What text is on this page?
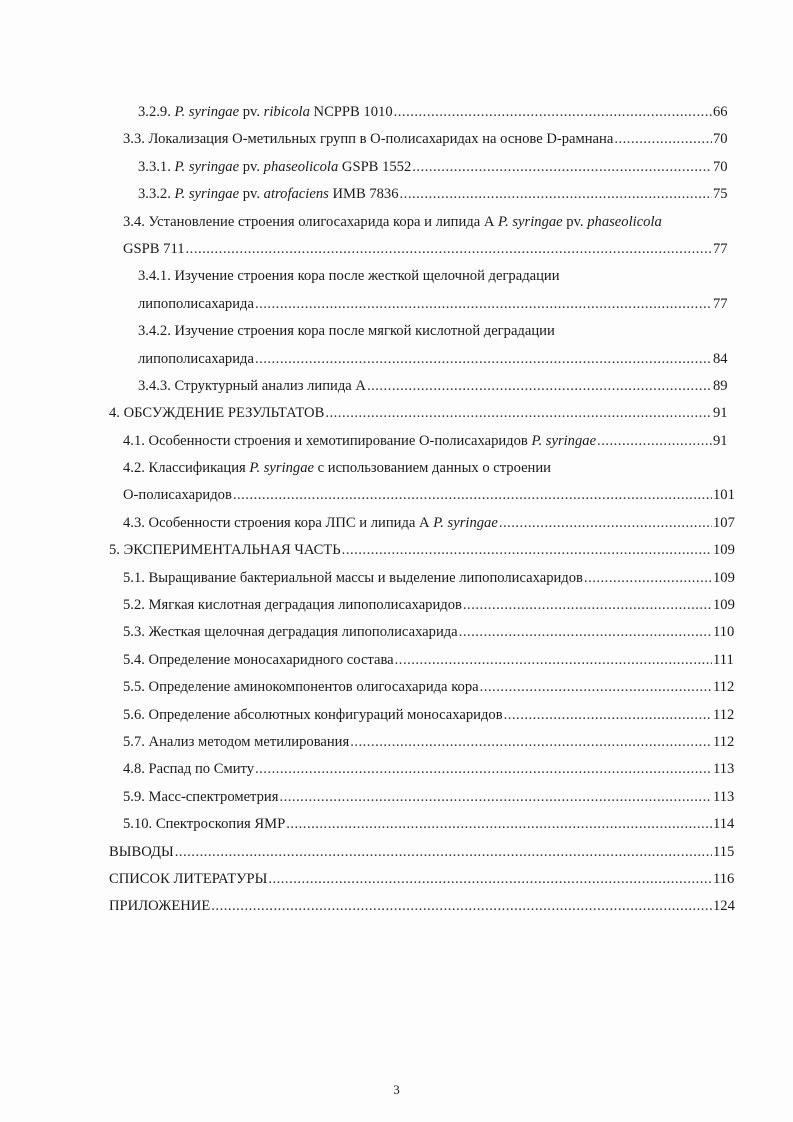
3.2.9. P. syringae pv. ribicola NCPPB 1010 .....	66
3.3. Локализация О-метильных групп в О-полисахаридах на основе D-рамнана .....	70
3.3.1. P. syringae pv. phaseolicola GSPB 1552 .....	70
3.3.2. P. syringae pv. atrofaciens ИМВ 7836 .....	75
3.4. Установление строения олигосахарида кора и липида А P. syringae pv. phaseolicola
GSPB 711 .....	77
3.4.1. Изучение строения кора после жесткой щелочной деградации
липополисахарида .....	77
3.4.2. Изучение строения кора после мягкой кислотной деградации
липополисахарида .....	84
3.4.3. Структурный анализ липида А .....	89
4. ОБСУЖДЕНИЕ РЕЗУЛЬТАТОВ .....	91
4.1. Особенности строения и хемотипирование О-полисахаридов P. syringae .....	91
4.2. Классификация P. syringae с использованием данных о строении
О-полисахаридов .....	101
4.3. Особенности строения кора ЛПС и липида А P. syringae .....	107
5. ЭКСПЕРИМЕНТАЛЬНАЯ ЧАСТЬ .....	109
5.1. Выращивание бактериальной массы и выделение липополисахаридов .....	109
5.2. Мягкая кислотная деградация липополисахаридов .....	109
5.3. Жесткая щелочная деградация липополисахарида .....	110
5.4. Определение моносахаридного состава .....	111
5.5. Определение аминокомпонентов олигосахарида кора .....	112
5.6. Определение абсолютных конфигураций моносахаридов .....	112
5.7. Анализ методом метилирования .....	112
4.8. Распад по Смиту .....	113
5.9. Масс-спектрометрия .....	113
5.10. Спектроскопия ЯМР .....	114
ВЫВОДЫ .....	115
СПИСОК ЛИТЕРАТУРЫ .....	116
ПРИЛОЖЕНИЕ .....	124
3
